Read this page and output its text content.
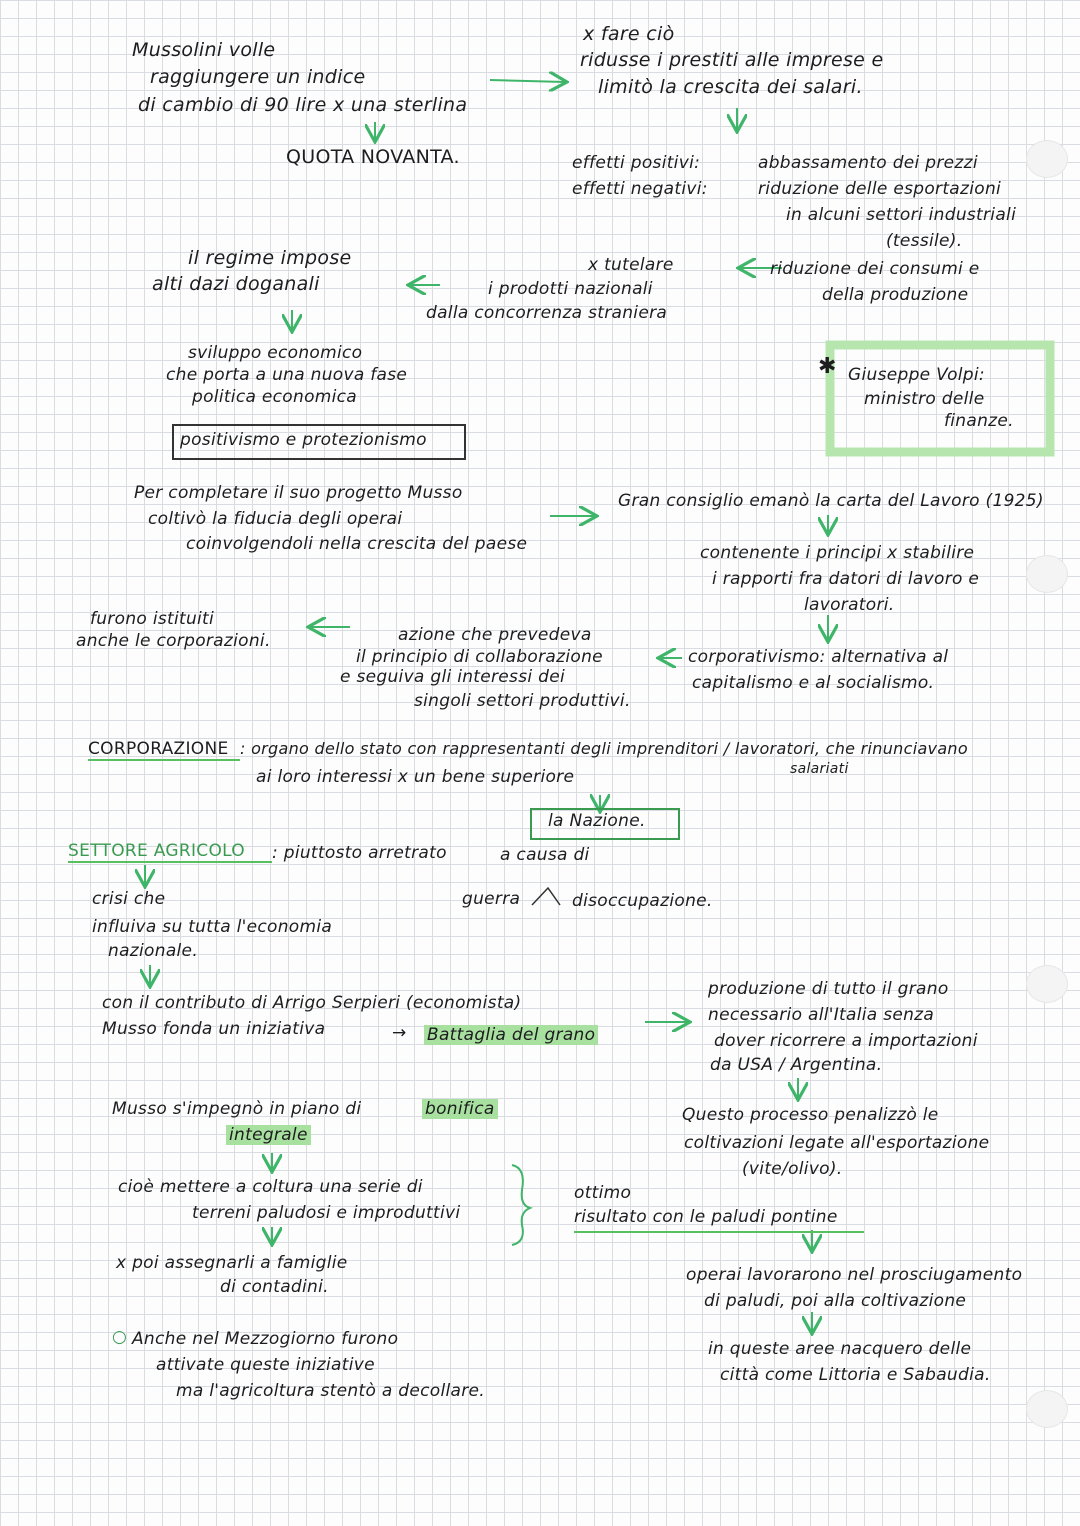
✱
Mussolini volle
raggiungere un indice
di cambio di 90 lire x una sterlina
QUOTA NOVANTA.
x fare ciò
ridusse i prestiti alle imprese e
limitò la crescita dei salari.
effetti positivi:	abbassamento dei prezzi
effetti negativi:	riduzione delle esportazioni
in alcuni settori industriali
(tessile).
riduzione dei consumi e
della produzione
x tutelare
i prodotti nazionali
dalla concorrenza straniera
il regime impose
alti dazi doganali
sviluppo economico
che porta a una nuova fase
politica economica
positivismo e protezionismo
Giuseppe Volpi:
ministro delle
finanze.
Per completare il suo progetto Musso
coltivò la fiducia degli operai
coinvolgendoli nella crescita del paese
Gran consiglio emanò la carta del Lavoro (1925)
contenente i principi x stabilire
i rapporti fra datori di lavoro e
lavoratori.
corporativismo: alternativa al
capitalismo e al socialismo.
azione che prevedeva
il principio di collaborazione
e seguiva gli interessi dei
singoli settori produttivi.
furono istituiti
anche le corporazioni.
CORPORAZIONE : organo dello stato con rappresentanti degli imprenditori / lavoratori, che rinunciavano
salariati
ai loro interessi x un bene superiore
la Nazione.
SETTORE AGRICOLO : piuttosto arretrato	a causa di
guerra	disoccupazione.
crisi che
influiva su tutta l'economia
nazionale.
con il contributo di Arrigo Serpieri (economista)
Musso fonda un iniziativa	→ Battaglia del grano
produzione di tutto il grano
necessario all'Italia senza
dover ricorrere a importazioni
da USA / Argentina.
Questo processo penalizzò le
coltivazioni legate all'esportazione
(vite/olivo).
Musso s'impegnò in piano di	bonifica
integrale
cioè mettere a coltura una serie di
terreni paludosi e improduttivi
ottimo
risultato con le paludi pontine
x poi assegnarli a famiglie
di contadini.
operai lavorarono nel prosciugamento
di paludi, poi alla coltivazione
○ Anche nel Mezzogiorno furono
attivate queste iniziative
ma l'agricoltura stentò a decollare.
in queste aree nacquero delle
città come Littoria e Sabaudia.
